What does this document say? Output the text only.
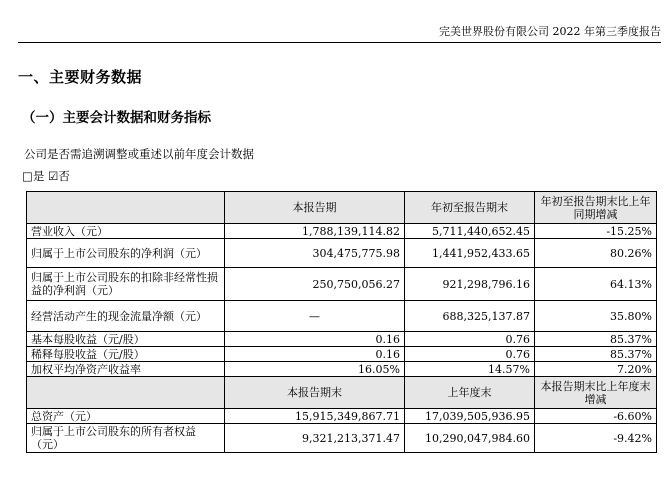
完美世界股份有限公司 2022 年第三季度报告
一、主要财务数据
（一）主要会计数据和财务指标
公司是否需追溯调整或重述以前年度会计数据
□是 ☑否
	本报告期	年初至报告期末	年初至报告期末比上年同期增减
营业收入（元）	1,788,139,114.82	5,711,440,652.45	-15.25%
归属于上市公司股东的净利润（元）	304,475,775.98	1,441,952,433.65	80.26%
归属于上市公司股东的扣除非经常性损益的净利润（元）	250,750,056.27	921,298,796.16	64.13%
经营活动产生的现金流量净额（元）	—	688,325,137.87	35.80%
基本每股收益（元/股）	0.16	0.76	85.37%
稀释每股收益（元/股）	0.16	0.76	85.37%
加权平均净资产收益率	16.05%	14.57%	7.20%
	本报告期末	上年度末	本报告期末比上年度末增减
总资产（元）	15,915,349,867.71	17,039,505,936.95	-6.60%
归属于上市公司股东的所有者权益（元）	9,321,213,371.47	10,290,047,984.60	-9.42%
